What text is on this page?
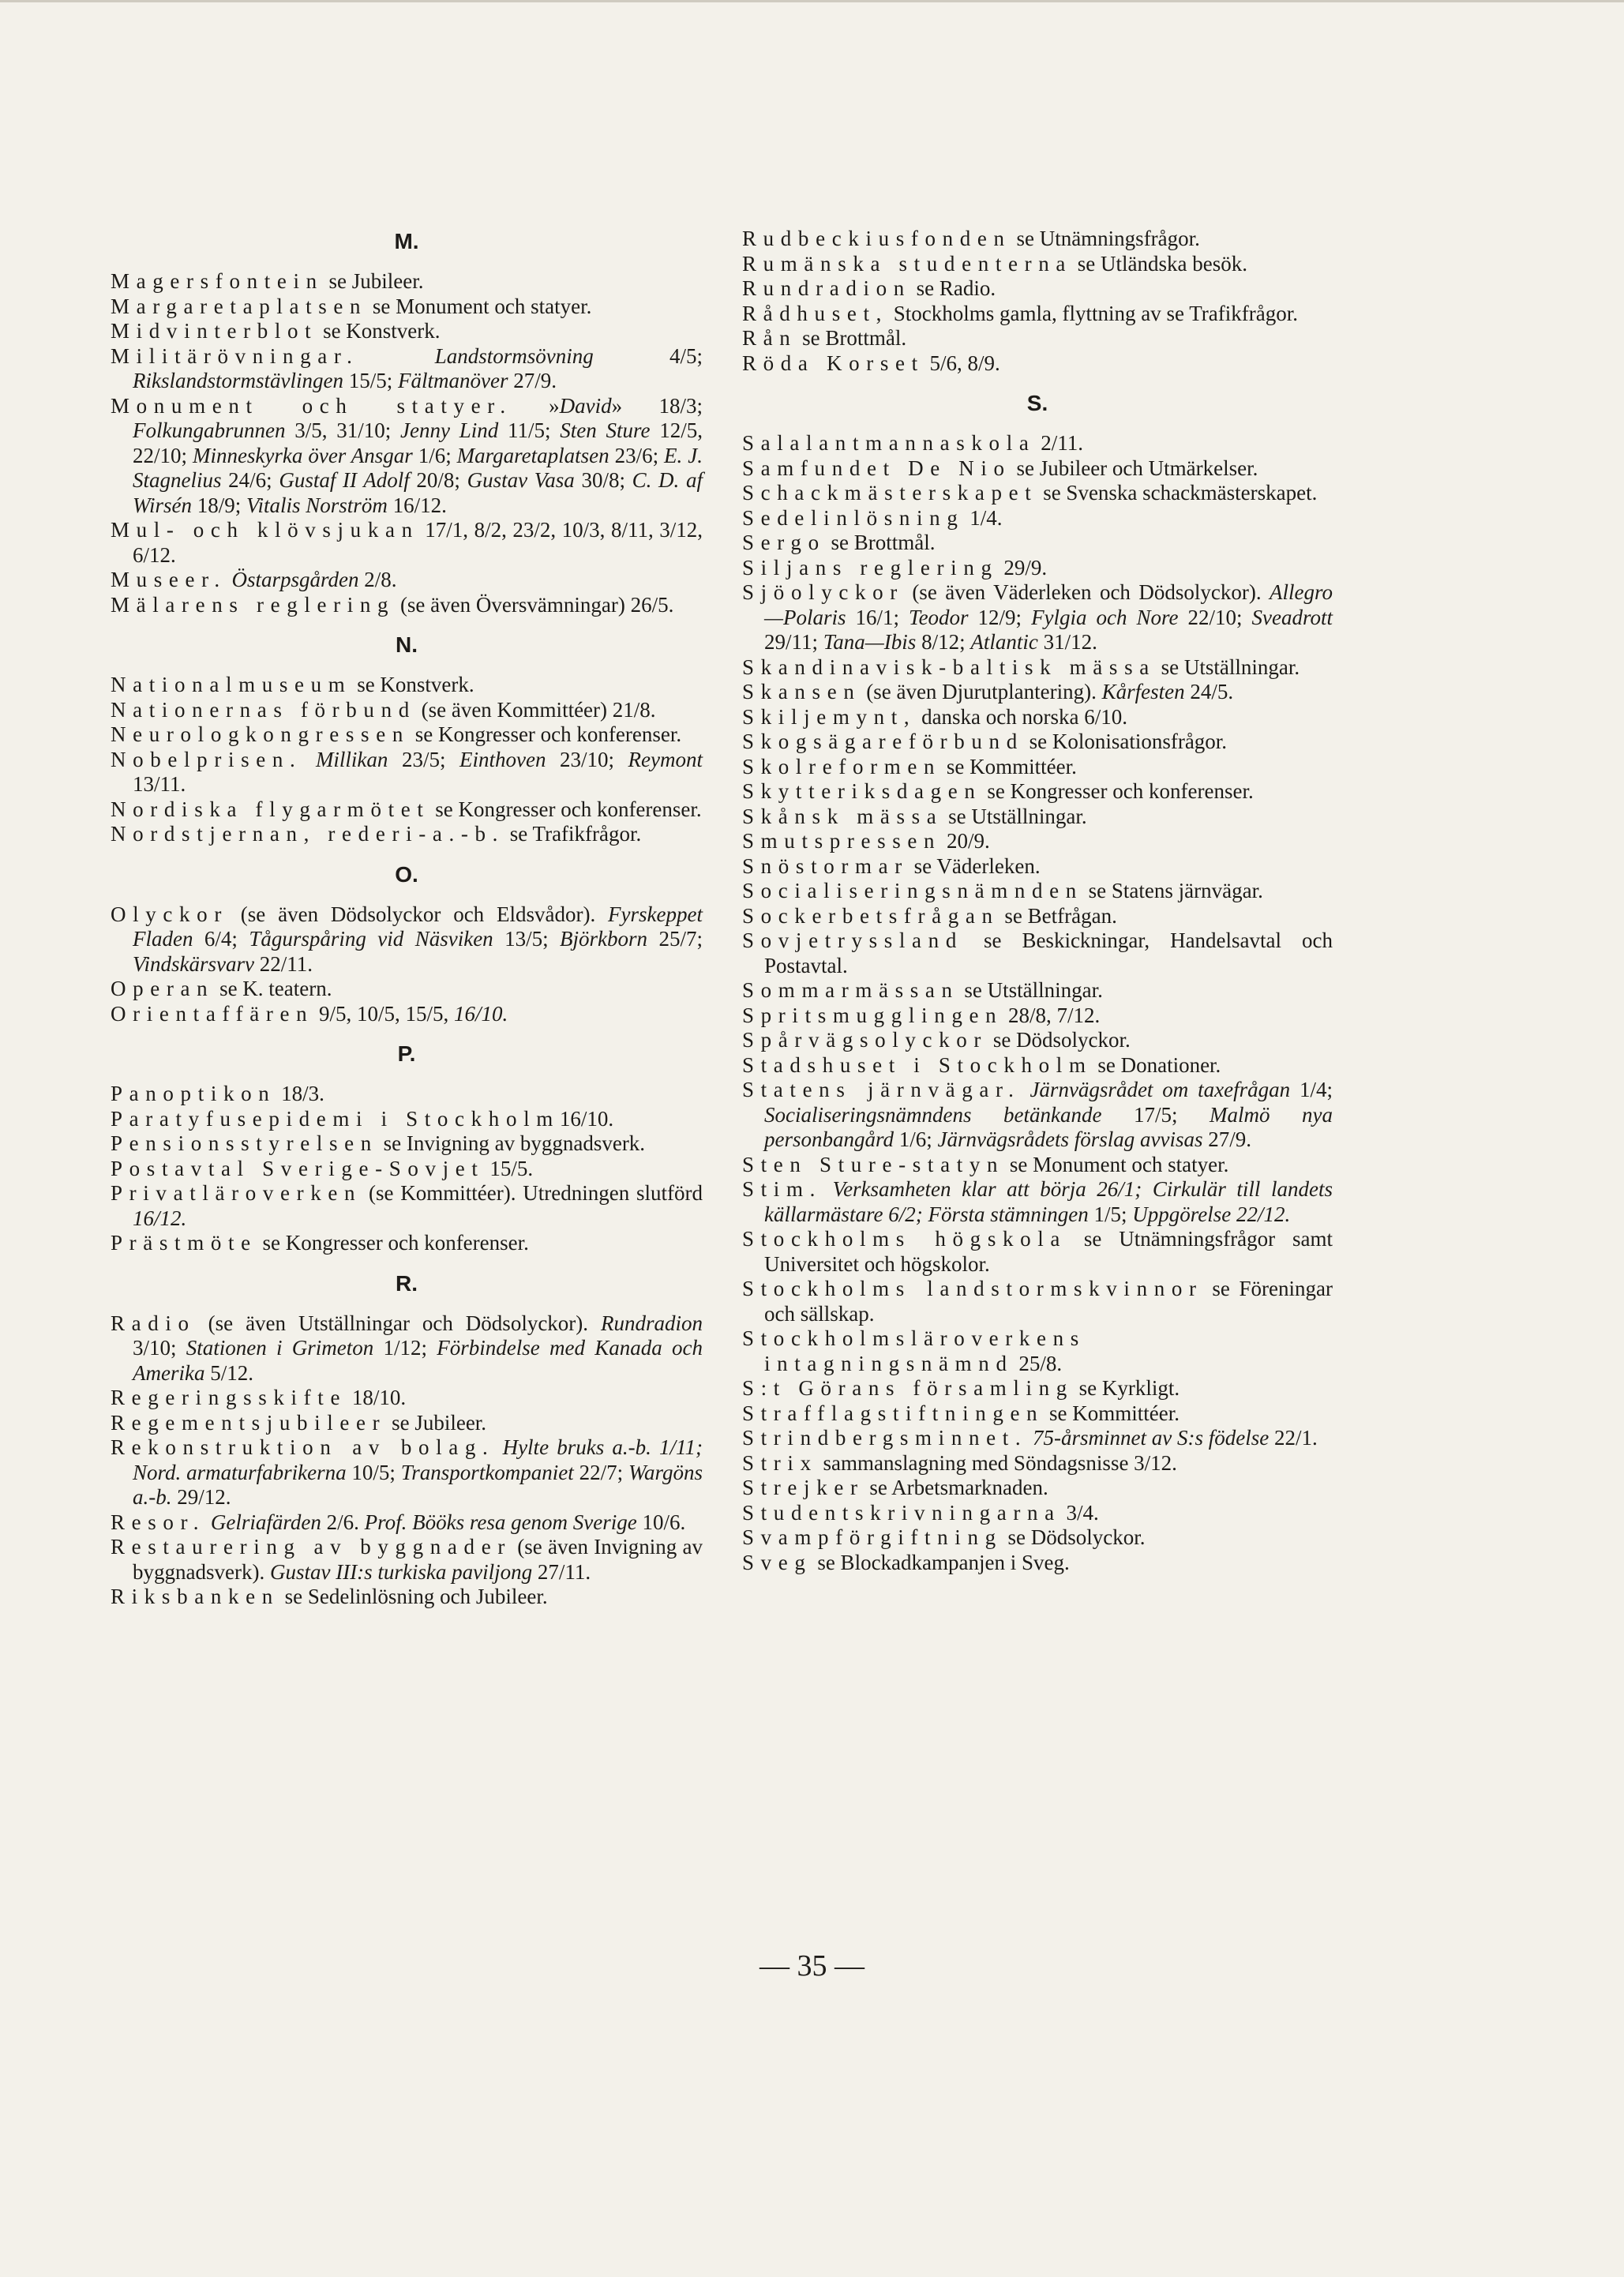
M.
Magersfontein se Jubileer.
Margaretaplatsen se Monument och statyer.
Midvinterblot se Konstverk.
Militärövningar.	Landstormsövning 4/5; Rikslandstormstävlingen 15/5; Fältmanöver 27/9.
Monument och statyer. »David» 18/3; Folkungabrunnen 3/5, 31/10; Jenny Lind 11/5; Sten Sture 12/5, 22/10; Minneskyrka över Ansgar 1/6; Margaretaplatsen 23/6; E. J. Stagnelius 24/6; Gustaf II Adolf 20/8; Gustav Vasa 30/8; C. D. af Wirsén 18/9; Vitalis Norström 16/12.
Mul- och klövsjukan 17/1, 8/2, 23/2, 10/3, 8/11, 3/12, 6/12.
Museer. Östarpsgården 2/8.
Mälarens reglering (se även Översvämningar) 26/5.
N.
Nationalmuseum se Konstverk.
Nationernas förbund (se även Kommittéer) 21/8.
Neurologkongressen se Kongresser och konferenser.
Nobelprisen. Millikan 23/5; Einthoven 23/10; Reymont 13/11.
Nordiska flygarmötet se Kongresser och konferenser.
Nordstjernan, rederi-a.-b. se Trafikfrågor.
O.
Olyckor (se även Dödsolyckor och Eldsvådor). Fyrskeppet Fladen 6/4; Tågurspåring vid Näsviken 13/5; Björkborn 25/7; Vindskärsvarv 22/11.
Operan se K. teatern.
Orientaffären 9/5, 10/5, 15/5, 16/10.
P.
Panoptikon 18/3.
Paratyfusepidemi i Stockholm16/10.
Pensionsstyrelsen se Invigning av byggnadsverk.
Postavtal Sverige-Sovjet 15/5.
Privatläroverken (se Kommittéer). Utredningen slutförd 16/12.
Prästmöte se Kongresser och konferenser.
R.
Radio (se även Utställningar och Dödsolyckor). Rundradion 3/10; Stationen i Grimeton 1/12; Förbindelse med Kanada och Amerika 5/12.
Regeringsskifte 18/10.
Regementsjubileer se Jubileer.
Rekonstruktion av bolag. Hylte bruks a.-b. 1/11; Nord. armaturfabrikerna 10/5; Transportkompaniet 22/7; Wargöns a.-b. 29/12.
Resor. Gelriafärden 2/6. Prof. Bööks resa genom Sverige 10/6.
Restaurering av byggnader (se även Invigning av byggnadsverk). Gustav III:s turkiska paviljong 27/11.
Riksbanken se Sedelinlösning och Jubileer.
Rudbeckiusfonden se Utnämningsfrågor.
Rumänska studenterna se Utländska besök.
Rundradion se Radio.
Rådhuset, Stockholms gamla, flyttning av se Trafikfrågor.
Rån se Brottmål.
Röda Korset 5/6, 8/9.
S.
Salalantmannaskola 2/11.
Samfundet De Nio se Jubileer och Utmärkelser.
Schackmästerskapet se Svenska schackmästerskapet.
Sedelinlösning 1/4.
Sergo se Brottmål.
Siljans reglering 29/9.
Sjöolyckor (se även Väderleken och Dödsolyckor). Allegro—Polaris 16/1; Teodor 12/9; Fylgia och Nore 22/10; Sveadrott 29/11; Tana—Ibis 8/12; Atlantic 31/12.
Skandinavisk-baltisk mässa se Utställningar.
Skansen (se även Djurutplantering). Kårfesten 24/5.
Skiljemynt, danska och norska 6/10.
Skogsägareförbund se Kolonisationsfrågor.
Skolreformen se Kommittéer.
Skytteriksdagen se Kongresser och konferenser.
Skånsk mässa se Utställningar.
Smutspressen 20/9.
Snöstormar se Väderleken.
Socialiseringsnämnden se Statens järnvägar.
Sockerbetsfrågan se Betfrågan.
Sovjetryssland se Beskickningar, Handelsavtal och Postavtal.
Sommarmässan se Utställningar.
Spritsmugglingen 28/8, 7/12.
Spårvägsolyckor se Dödsolyckor.
Stadshuset i Stockholm se Donationer.
Statens järnvägar. Järnvägsrådet om taxefrågan 1/4; Socialiseringsnämndens betänkande 17/5; Malmö nya personbangård 1/6; Järnvägsrådets förslag avvisas 27/9.
Sten Sture-statyn se Monument och statyer.
Stim. Verksamheten klar att börja 26/1; Cirkulär till landets källarmästare 6/2; Första stämningen 1/5; Uppgörelse 22/12.
Stockholms högskola se Utnämningsfrågor samt Universitet och högskolor.
Stockholms landstormskvinnor se Föreningar och sällskap.
Stockholmsläroverkens intagningsnämnd 25/8.
S:t Görans församling se Kyrkligt.
Strafflagstiftningen se Kommittéer.
Strindbergsminnet. 75-årsminnet av S:s födelse 22/1.
Strix sammanslagning med Söndagsnisse 3/12.
Strejker se Arbetsmarknaden.
Studentskrivningarna 3/4.
Svampförgiftning se Dödsolyckor.
Sveg se Blockadkampanjen i Sveg.
— 35 —
